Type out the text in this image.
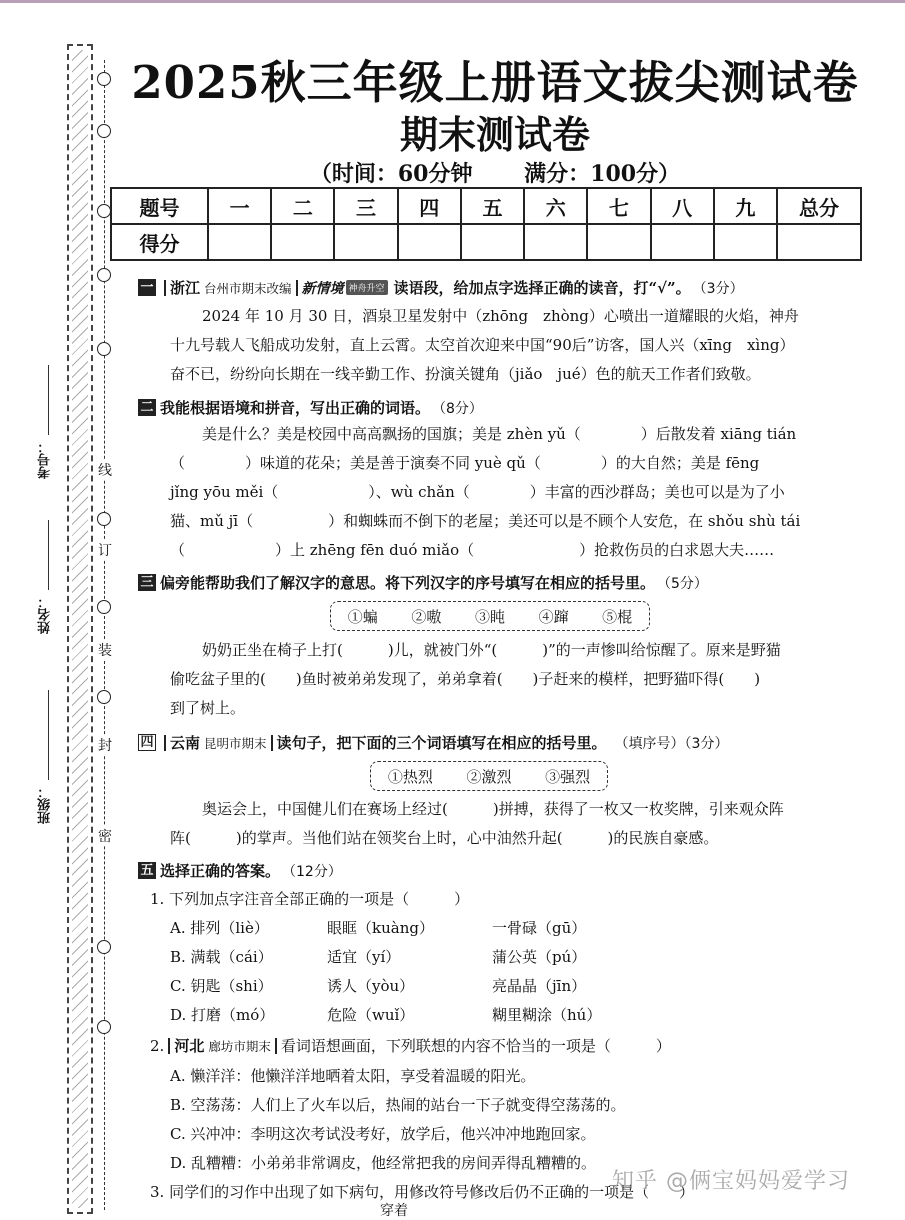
线
订
装
封
密
考号：
姓名：
班级：
2025秋三年级上册语文拔尖测试卷
期末测试卷
（时间：60分钟 满分：100分）
题号	一	二	三	四	五	六	七	八	九	总分
得分										
一 浙江 台州市期末改编 新情境 神舟升空 读语段，给加点字选择正确的读音，打“√”。 （3分）
2024 年 10 月 30 日，酒泉卫星发射中（zhōng　zhòng）心喷出一道耀眼的火焰，神舟
十九号载人飞船成功发射，直上云霄。太空首次迎来中国“90后”访客，国人兴（xīng　xìng）
奋不已，纷纷向长期在一线辛勤工作、扮演关键角（jiǎo　jué）色的航天工作者们致敬。
二 我能根据语境和拼音，写出正确的词语。 （8分）
美是什么？美是校园中高高飘扬的国旗；美是 zhèn yǔ（　　　　）后散发着 xiāng tián
（　　　　）味道的花朵；美是善于演奏不同 yuè qǔ（　　　　）的大自然；美是 fēng
jǐng yōu měi（　　　　　　）、wù chǎn（　　　　）丰富的西沙群岛；美也可以是为了小
猫、mǔ jī（　　　　　）和蜘蛛而不倒下的老屋；美还可以是不顾个人安危，在 shǒu shù tái
（　　　　　　）上 zhēng fēn duó miǎo（　　　　　　　）抢救伤员的白求恩大夫……
三 偏旁能帮助我们了解汉字的意思。将下列汉字的序号填写在相应的括号里。 （5分）
①蝙 ②嗷 ③盹 ④蹿 ⑤棍
奶奶正坐在椅子上打(　　　)儿，就被门外“(　　　)”的一声惨叫给惊醒了。原来是野猫
偷吃盆子里的(　　)鱼时被弟弟发现了，弟弟拿着(　　)子赶来的模样，把野猫吓得(　　)
到了树上。
四 云南 昆明市期末 读句子，把下面的三个词语填写在相应的括号里。 （填序号）（3分）
①热烈 ②激烈 ③强烈
奥运会上，中国健儿们在赛场上经过(　　　)拼搏，获得了一枚又一枚奖牌，引来观众阵
阵(　　　)的掌声。当他们站在领奖台上时，心中油然升起(　　　)的民族自豪感。
五 选择正确的答案。 （12分）
1. 下列加点字注音全部正确的一项是（　　　）
A. 排列（liè）	眼眶（kuàng）	一骨碌（gū）
B. 满载（cái）	适宜（yí）	蒲公英（pú）
C. 钥匙（shi）	诱人（yòu）	亮晶晶（jīn）
D. 打磨（mó）	危险（wuǐ）	糊里糊涂（hú）
2. 河北 廊坊市期末 看词语想画面，下列联想的内容不恰当的一项是（　　　）
A. 懒洋洋：他懒洋洋地晒着太阳，享受着温暖的阳光。
B. 空荡荡：人们上了火车以后，热闹的站台一下子就变得空荡荡的。
C. 兴冲冲：李明这次考试没考好，放学后，他兴冲冲地跑回家。
D. 乱糟糟：小弟弟非常调皮，他经常把我的房间弄得乱糟糟的。
3. 同学们的习作中出现了如下病句，用修改符号修改后仍不正确的一项是（　　）
穿着
知乎 @俩宝妈妈爱学习
